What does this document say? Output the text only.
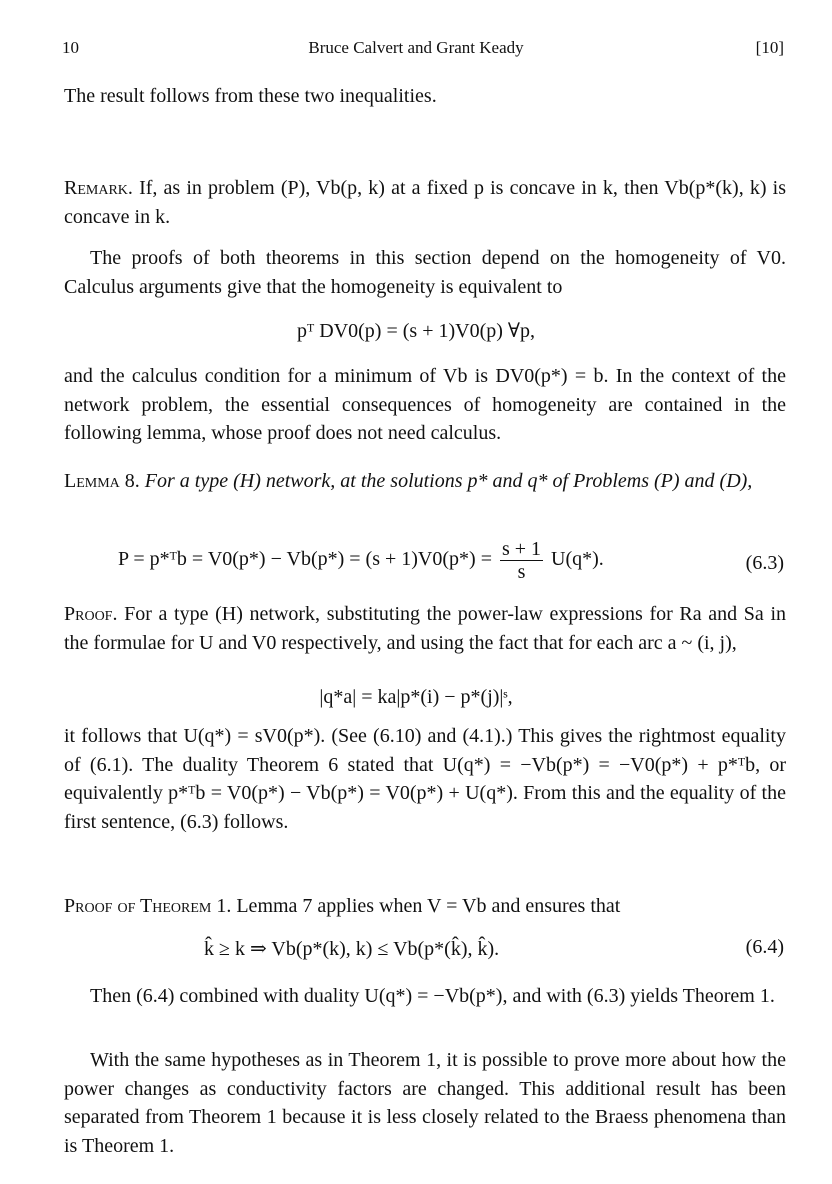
10	Bruce Calvert and Grant Keady	[10]
The result follows from these two inequalities.
Remark. If, as in problem (P), Vb(p, k) at a fixed p is concave in k, then Vb(p*(k), k) is concave in k.
The proofs of both theorems in this section depend on the homogeneity of V0. Calculus arguments give that the homogeneity is equivalent to
pᵀ DV0(p) = (s + 1)V0(p) ∀p,
and the calculus condition for a minimum of Vb is DV0(p*) = b. In the context of the network problem, the essential consequences of homogeneity are contained in the following lemma, whose proof does not need calculus.
Lemma 8. For a type (H) network, at the solutions p* and q* of Problems (P) and (D),
P = p*ᵀb = $V0(p*) - Vb(p*) = (s + 1)V0(p*) = \frac{s + 1}{s} U(q*)$.	(6.3)
Proof. For a type (H) network, substituting the power-law expressions for Ra and Sa in the formulae for U and V0 respectively, and using the fact that for each arc a ~ (i, j),
|q*a| = ka|p*(i) − p*(j)|ˢ,
it follows that U(q*) = sV0(p*). (See (6.10) and (4.1).) This gives the rightmost equality of (6.1). The duality Theorem 6 stated that U(q*) = −Vb(p*) = −V0(p*) + p*ᵀb, or equivalently p*ᵀb = V0(p*) − Vb(p*) = V0(p*) + U(q*). From this and the equality of the first sentence, (6.3) follows.
Proof of Theorem 1. Lemma 7 applies when V = Vb and ensures that
k̂ ≥ k ⇒ Vb(p*(k), k) ≤ Vb(p*(k̂), k̂).	(6.4)
Then (6.4) combined with duality U(q*) = −Vb(p*), and with (6.3) yields Theorem 1.
With the same hypotheses as in Theorem 1, it is possible to prove more about how the power changes as conductivity factors are changed. This additional result has been separated from Theorem 1 because it is less closely related to the Braess phenomena than is Theorem 1.
